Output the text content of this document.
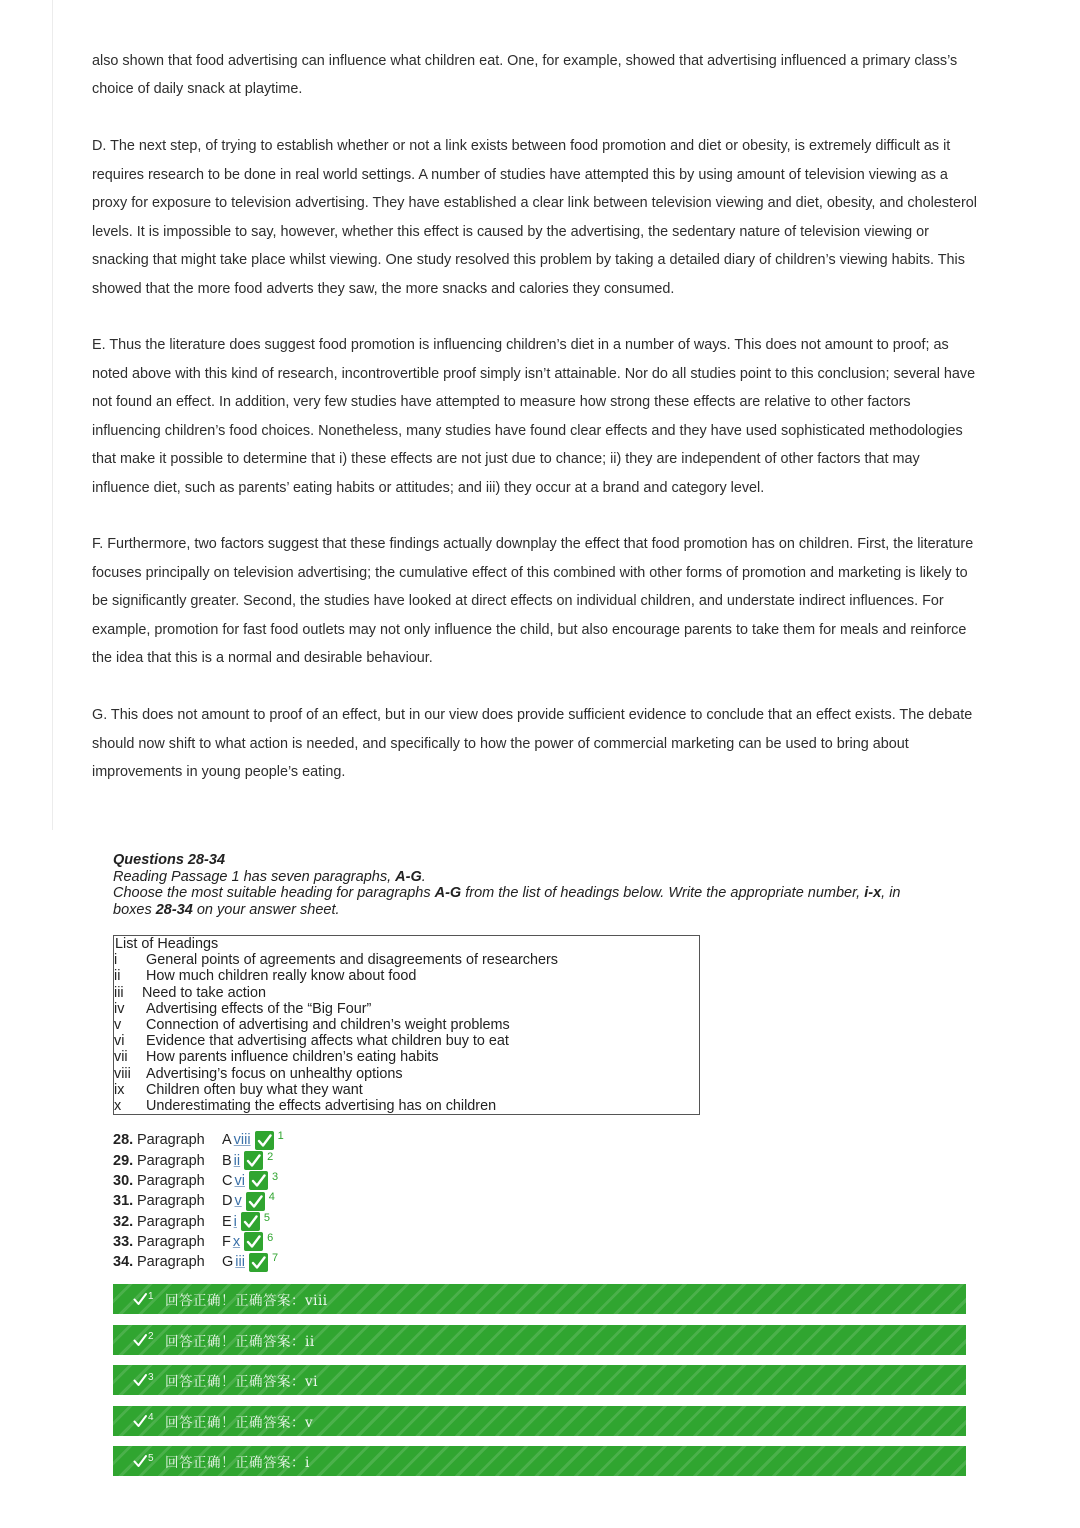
also shown that food advertising can influence what children eat. One, for example, showed that advertising influenced a primary class’s
choice of daily snack at playtime.
D. The next step, of trying to establish whether or not a link exists between food promotion and diet or obesity, is extremely difficult as it
requires research to be done in real world settings. A number of studies have attempted this by using amount of television viewing as a
proxy for exposure to television advertising. They have established a clear link between television viewing and diet, obesity, and cholesterol
levels. It is impossible to say, however, whether this effect is caused by the advertising, the sedentary nature of television viewing or
snacking that might take place whilst viewing. One study resolved this problem by taking a detailed diary of children’s viewing habits. This
showed that the more food adverts they saw, the more snacks and calories they consumed.
E. Thus the literature does suggest food promotion is influencing children’s diet in a number of ways. This does not amount to proof; as
noted above with this kind of research, incontrovertible proof simply isn’t attainable. Nor do all studies point to this conclusion; several have
not found an effect. In addition, very few studies have attempted to measure how strong these effects are relative to other factors
influencing children’s food choices. Nonetheless, many studies have found clear effects and they have used sophisticated methodologies
that make it possible to determine that i) these effects are not just due to chance; ii) they are independent of other factors that may
influence diet, such as parents’ eating habits or attitudes; and iii) they occur at a brand and category level.
F. Furthermore, two factors suggest that these findings actually downplay the effect that food promotion has on children. First, the literature
focuses principally on television advertising; the cumulative effect of this combined with other forms of promotion and marketing is likely to
be significantly greater. Second, the studies have looked at direct effects on individual children, and understate indirect influences. For
example, promotion for fast food outlets may not only influence the child, but also encourage parents to take them for meals and reinforce
the idea that this is a normal and desirable behaviour.
G. This does not amount to proof of an effect, but in our view does provide sufficient evidence to conclude that an effect exists. The debate
should now shift to what action is needed, and specifically to how the power of commercial marketing can be used to bring about
improvements in young people’s eating.
Questions 28-34
Reading Passage 1 has seven paragraphs, A-G.
Choose the most suitable heading for paragraphs A-G from the list of headings below. Write the appropriate number, i-x, in
boxes 28-34 on your answer sheet.
List of Headings
i	General points of agreements and disagreements of researchers
ii	How much children really know about food
iii	Need to take action
iv	Advertising effects of the “Big Four”
v	Connection of advertising and children’s weight problems
vi	Evidence that advertising affects what children buy to eat
vii	How parents influence children’s eating habits
viii	Advertising’s focus on unhealthy options
ix	Children often buy what they want
x	Underestimating the effects advertising has on children
28. Paragraph	A viii 1
29. Paragraph	B ii 2
30. Paragraph	C vi 3
31. Paragraph	D v 4
32. Paragraph	E i 5
33. Paragraph	F x 6
34. Paragraph	G iii 7
1 回答正确！正确答案：viii
2 回答正确！正确答案：ii
3 回答正确！正确答案：vi
4 回答正确！正确答案：v
5 回答正确！正确答案：i
